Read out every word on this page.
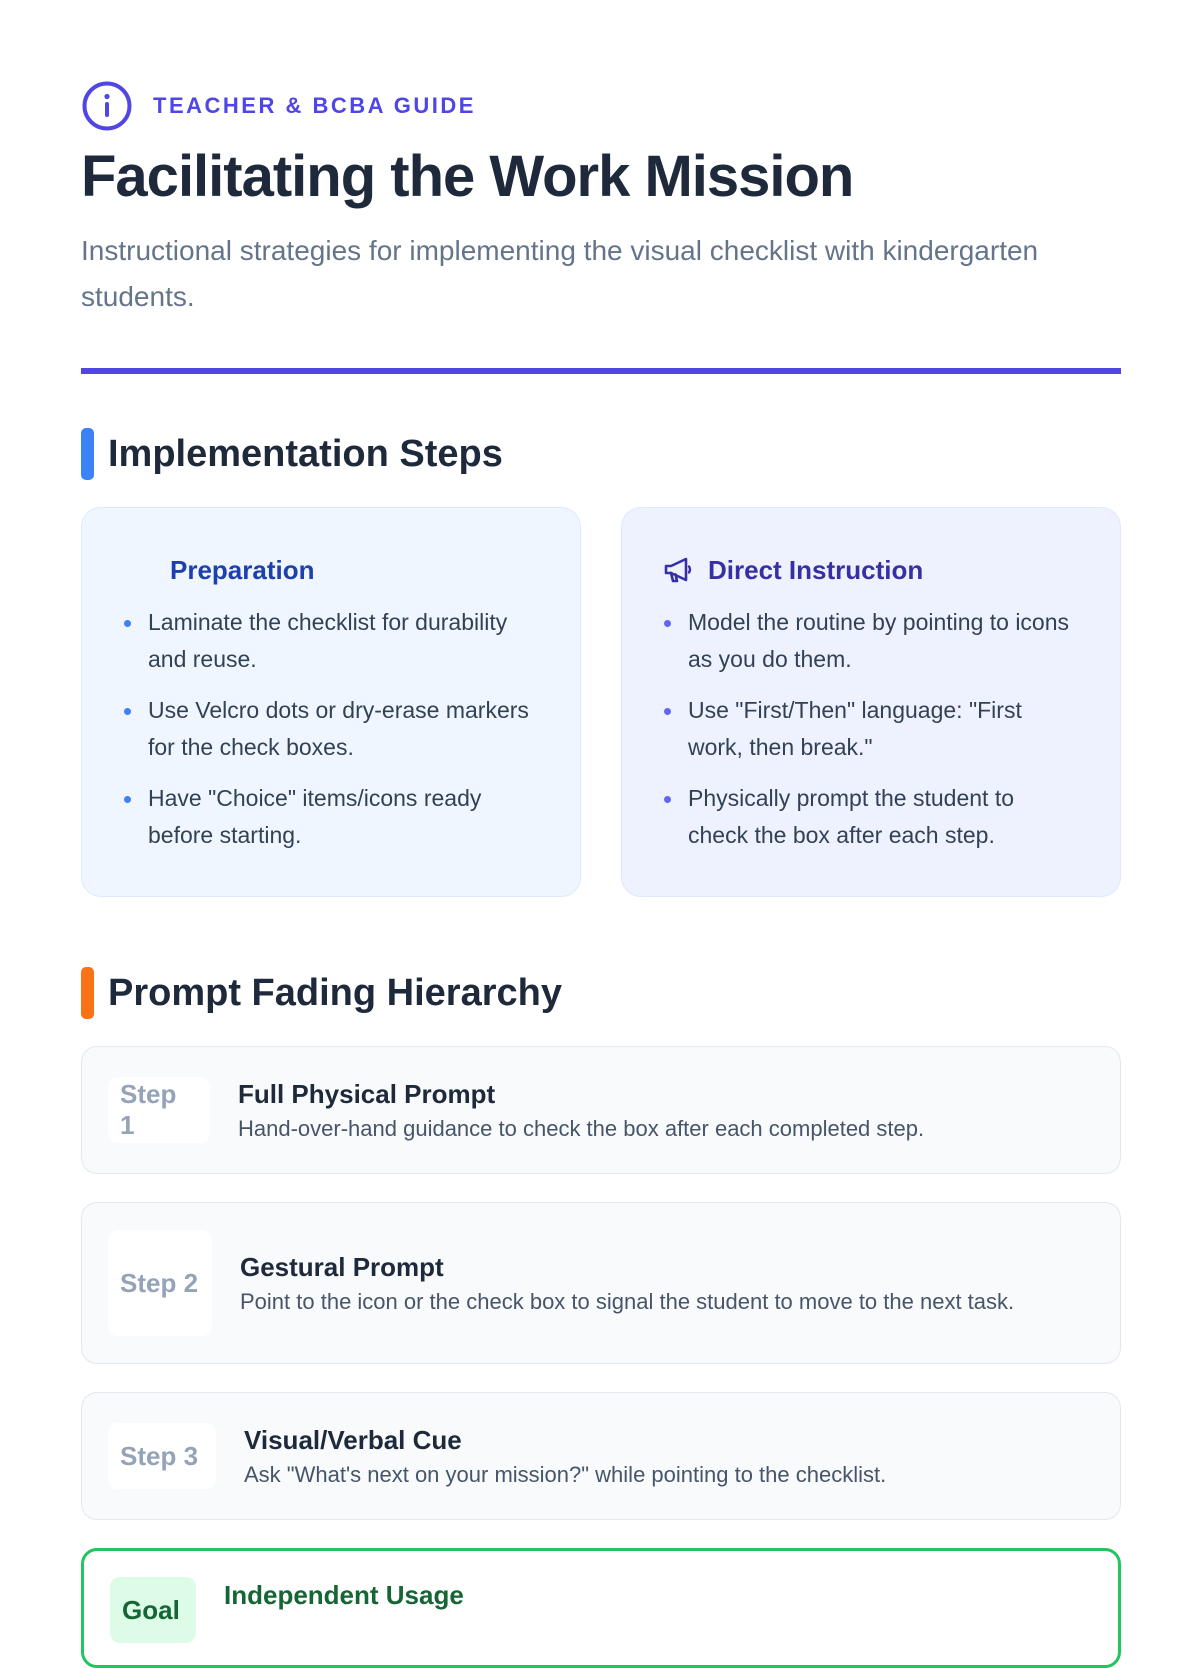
TEACHER & BCBA GUIDE
Facilitating the Work Mission

Instructional strategies for implementing the visual checklist with kindergarten students.

Implementation Steps
Preparation
Laminate the checklist for durability and reuse.
Use Velcro dots or dry-erase markers for the check boxes.
Have "Choice" items/icons ready before starting.
Direct Instruction
Model the routine by pointing to icons as you do them.
Use "First/Then" language: "First work, then break."
Physically prompt the student to check the box after each step.
Prompt Fading Hierarchy
Step 1
Full Physical Prompt
Hand-over-hand guidance to check the box after each completed step.
Step 2
Gestural Prompt
Point to the icon or the check box to signal the student to move to the next task.
Step 3
Visual/Verbal Cue
Ask "What's next on your mission?" while pointing to the checklist.
Goal	Independent Usage
